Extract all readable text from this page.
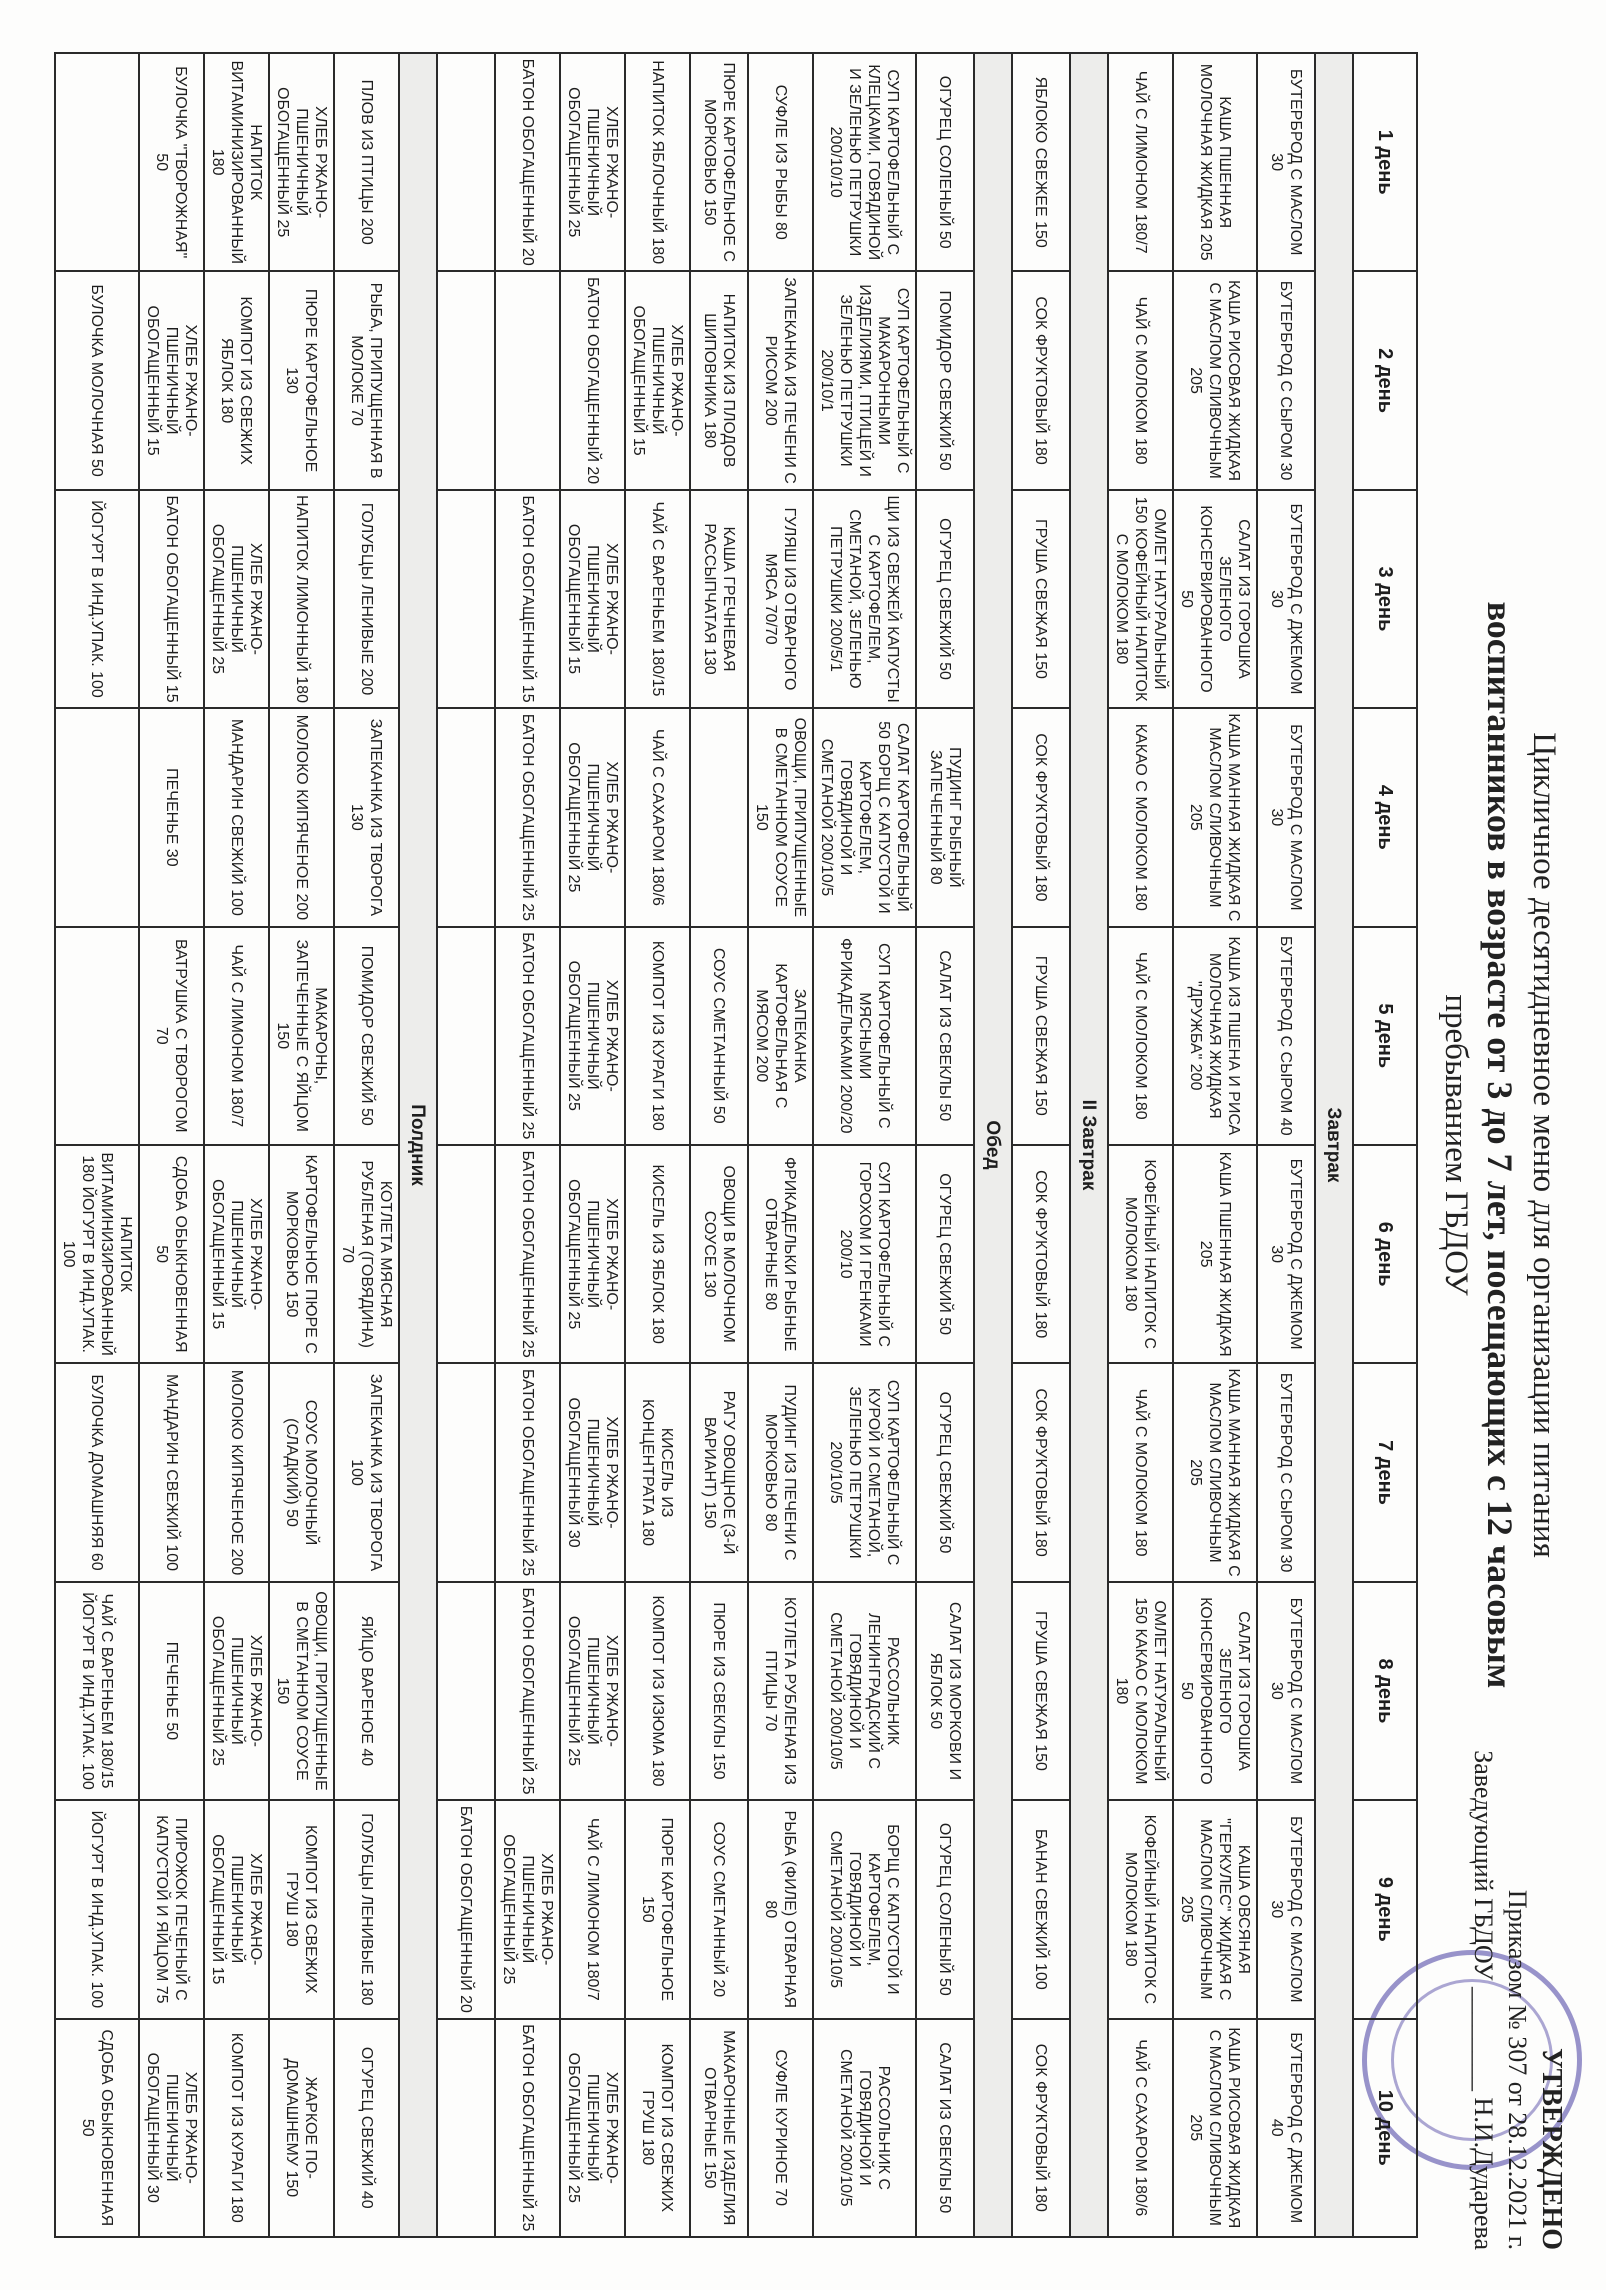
Цикличное десятидневное меню для организации питания
воспитанников в возрасте от 3 до 7 лет, посещающих с 12 часовым
пребыванием ГБДОУ
УТВЕРЖДЕНО
Приказом № 307 от 28.12.2021 г.
Заведующий ГБДОУ ________ Н.И.Дударева
1 день	2 день	3 день	4 день	5 день	6 день	7 день	8 день	9 день	10 день
Завтрак									
БУТЕРБРОД С МАСЛОМ 30	БУТЕРБРОД С СЫРОМ 30	БУТЕРБРОД С ДЖЕМОМ 30	БУТЕРБРОД С МАСЛОМ 30	БУТЕРБРОД С СЫРОМ 40	БУТЕРБРОД С ДЖЕМОМ 30	БУТЕРБРОД С СЫРОМ 30	БУТЕРБРОД С МАСЛОМ 30	БУТЕРБРОД С МАСЛОМ 30	БУТЕРБРОД С ДЖЕМОМ 40
КАША ПШЕННАЯ МОЛОЧНАЯ ЖИДКАЯ 205	КАША РИСОВАЯ ЖИДКАЯ С МАСЛОМ СЛИВОЧНЫМ 205	САЛАТ ИЗ ГОРОШКА ЗЕЛЕНОГО КОНСЕРВИРОВАННОГО 50	КАША МАННАЯ ЖИДКАЯ С МАСЛОМ СЛИВОЧНЫМ 205	КАША ИЗ ПШЕНА И РИСА МОЛОЧНАЯ ЖИДКАЯ "ДРУЖБА" 200	КАША ПШЕННАЯ ЖИДКАЯ 205	КАША МАННАЯ ЖИДКАЯ С МАСЛОМ СЛИВОЧНЫМ 205	САЛАТ ИЗ ГОРОШКА ЗЕЛЕНОГО КОНСЕРВИРОВАННОГО 50	КАША ОВСЯНАЯ "ГЕРКУЛЕС" ЖИДКАЯ С МАСЛОМ СЛИВОЧНЫМ 205	КАША РИСОВАЯ ЖИДКАЯ С МАСЛОМ СЛИВОЧНЫМ 205
ЧАЙ С ЛИМОНОМ 180/7	ЧАЙ С МОЛОКОМ 180	ОМЛЕТ НАТУРАЛЬНЫЙ 150 КОФЕЙНЫЙ НАПИТОК С МОЛОКОМ 180	КАКАО С МОЛОКОМ 180	ЧАЙ С МОЛОКОМ 180	КОФЕЙНЫЙ НАПИТОК С МОЛОКОМ 180	ЧАЙ С МОЛОКОМ 180	ОМЛЕТ НАТУРАЛЬНЫЙ 150 КАКАО С МОЛОКОМ 180	КОФЕЙНЫЙ НАПИТОК С МОЛОКОМ 180	ЧАЙ С САХАРОМ 180/6
II Завтрак									
ЯБЛОКО СВЕЖЕЕ 150	СОК ФРУКТОВЫЙ 180	ГРУША СВЕЖАЯ 150	СОК ФРУКТОВЫЙ 180	ГРУША СВЕЖАЯ 150	СОК ФРУКТОВЫЙ 180	СОК ФРУКТОВЫЙ 180	ГРУША СВЕЖАЯ 150	БАНАН СВЕЖИЙ 100	СОК ФРУКТОВЫЙ 180
Обед									
ОГУРЕЦ СОЛЕНЫЙ 50	ПОМИДОР СВЕЖИЙ 50	ОГУРЕЦ СВЕЖИЙ 50	ПУДИНГ РЫБНЫЙ ЗАПЕЧЕННЫЙ 80	САЛАТ ИЗ СВЕКЛЫ 50	ОГУРЕЦ СВЕЖИЙ 50	ОГУРЕЦ СВЕЖИЙ 50	САЛАТ ИЗ МОРКОВИ И ЯБЛОК 50	ОГУРЕЦ СОЛЕНЫЙ 50	САЛАТ ИЗ СВЕКЛЫ 50
СУП КАРТОФЕЛЬНЫЙ С КЛЕЦКАМИ, ГОВЯДИНОЙ И ЗЕЛЕНЬЮ ПЕТРУШКИ 200/10/10	СУП КАРТОФЕЛЬНЫЙ С МАКАРОННЫМИ ИЗДЕЛИЯМИ, ПТИЦЕЙ И ЗЕЛЕНЬЮ ПЕТРУШКИ 200/10/1	ЩИ ИЗ СВЕЖЕЙ КАПУСТЫ С КАРТОФЕЛЕМ, СМЕТАНОЙ, ЗЕЛЕНЬЮ ПЕТРУШКИ 200/5/1	САЛАТ КАРТОФЕЛЬНЫЙ 50 БОРЩ С КАПУСТОЙ И КАРТОФЕЛЕМ, ГОВЯДИНОЙ И СМЕТАНОЙ 200/10/5	СУП КАРТОФЕЛЬНЫЙ С МЯСНЫМИ ФРИКАДЕЛЬКАМИ 200/20	СУП КАРТОФЕЛЬНЫЙ С ГОРОХОМ И ГРЕНКАМИ 200/10	СУП КАРТОФЕЛЬНЫЙ С КУРОЙ И СМЕТАНОЙ, ЗЕЛЕНЬЮ ПЕТРУШКИ 200/10/5	РАССОЛЬНИК ЛЕНИНГРАДСКИЙ С ГОВЯДИНОЙ И СМЕТАНОЙ 200/10/5	БОРЩ С КАПУСТОЙ И КАРТОФЕЛЕМ, ГОВЯДИНОЙ И СМЕТАНОЙ 200/10/5	РАССОЛЬНИК С ГОВЯДИНОЙ И СМЕТАНОЙ 200/10/5
СУФЛЕ ИЗ РЫБЫ 80	ЗАПЕКАНКА ИЗ ПЕЧЕНИ С РИСОМ 200	ГУЛЯШ ИЗ ОТВАРНОГО МЯСА 70/70	ОВОЩИ, ПРИПУЩЕННЫЕ В СМЕТАННОМ СОУСЕ 150	ЗАПЕКАНКА КАРТОФЕЛЬНАЯ С МЯСОМ 200	ФРИКАДЕЛЬКИ РЫБНЫЕ ОТВАРНЫЕ 80	ПУДИНГ ИЗ ПЕЧЕНИ С МОРКОВЬЮ 80	КОТЛЕТА РУБЛЕНАЯ ИЗ ПТИЦЫ 70	РЫБА (ФИЛЕ) ОТВАРНАЯ 80	СУФЛЕ КУРИНОЕ 70
ПЮРЕ КАРТОФЕЛЬНОЕ С МОРКОВЬЮ 150	НАПИТОК ИЗ ПЛОДОВ ШИПОВНИКА 180	КАША ГРЕЧНЕВАЯ РАССЫПЧАТАЯ 130		СОУС СМЕТАННЫЙ 50	ОВОЩИ В МОЛОЧНОМ СОУСЕ 130	РАГУ ОВОЩНОЕ (3-Й ВАРИАНТ) 150	ПЮРЕ ИЗ СВЕКЛЫ 150	СОУС СМЕТАННЫЙ 20	МАКАРОННЫЕ ИЗДЕЛИЯ ОТВАРНЫЕ 150
НАПИТОК ЯБЛОЧНЫЙ 180	ХЛЕБ РЖАНО-ПШЕНИЧНЫЙ ОБОГАЩЕННЫЙ 15	ЧАЙ С ВАРЕНЬЕМ 180/15	ЧАЙ С САХАРОМ 180/6	КОМПОТ ИЗ КУРАГИ 180	КИСЕЛЬ ИЗ ЯБЛОК 180	КИСЕЛЬ ИЗ КОНЦЕНТРАТА 180	КОМПОТ ИЗ ИЗЮМА 180	ПЮРЕ КАРТОФЕЛЬНОЕ 150	КОМПОТ ИЗ СВЕЖИХ ГРУШ 180
ХЛЕБ РЖАНО-ПШЕНИЧНЫЙ ОБОГАЩЕННЫЙ 25	БАТОН ОБОГАЩЕННЫЙ 20	ХЛЕБ РЖАНО-ПШЕНИЧНЫЙ ОБОГАЩЕННЫЙ 15	ХЛЕБ РЖАНО-ПШЕНИЧНЫЙ ОБОГАЩЕННЫЙ 25	ХЛЕБ РЖАНО-ПШЕНИЧНЫЙ ОБОГАЩЕННЫЙ 25	ХЛЕБ РЖАНО-ПШЕНИЧНЫЙ ОБОГАЩЕННЫЙ 25	ХЛЕБ РЖАНО-ПШЕНИЧНЫЙ ОБОГАЩЕННЫЙ 30	ХЛЕБ РЖАНО-ПШЕНИЧНЫЙ ОБОГАЩЕННЫЙ 25	ЧАЙ С ЛИМОНОМ 180/7	ХЛЕБ РЖАНО-ПШЕНИЧНЫЙ ОБОГАЩЕННЫЙ 25
БАТОН ОБОГАЩЕННЫЙ 20		БАТОН ОБОГАЩЕННЫЙ 15	БАТОН ОБОГАЩЕННЫЙ 25	БАТОН ОБОГАЩЕННЫЙ 25	БАТОН ОБОГАЩЕННЫЙ 25	БАТОН ОБОГАЩЕННЫЙ 25	БАТОН ОБОГАЩЕННЫЙ 25	ХЛЕБ РЖАНО-ПШЕНИЧНЫЙ ОБОГАЩЕННЫЙ 25	БАТОН ОБОГАЩЕННЫЙ 25
								БАТОН ОБОГАЩЕННЫЙ 20	
Полдник									
ПЛОВ ИЗ ПТИЦЫ 200	РЫБА, ПРИПУЩЕННАЯ В МОЛОКЕ 70	ГОЛУБЦЫ ЛЕНИВЫЕ 200	ЗАПЕКАНКА ИЗ ТВОРОГА 130	ПОМИДОР СВЕЖИЙ 50	КОТЛЕТА МЯСНАЯ РУБЛЕНАЯ (ГОВЯДИНА) 70	ЗАПЕКАНКА ИЗ ТВОРОГА 100	ЯЙЦО ВАРЕНОЕ 40	ГОЛУБЦЫ ЛЕНИВЫЕ 180	ОГУРЕЦ СВЕЖИЙ 40
ХЛЕБ РЖАНО-ПШЕНИЧНЫЙ ОБОГАЩЕННЫЙ 25	ПЮРЕ КАРТОФЕЛЬНОЕ 130	НАПИТОК ЛИМОННЫЙ 180	МОЛОКО КИПЯЧЕНОЕ 200	МАКАРОНЫ, ЗАПЕЧЕННЫЕ С ЯЙЦОМ 150	КАРТОФЕЛЬНОЕ ПЮРЕ С МОРКОВЬЮ 150	СОУС МОЛОЧНЫЙ (СЛАДКИЙ) 50	ОВОЩИ, ПРИПУЩЕННЫЕ В СМЕТАННОМ СОУСЕ 150	КОМПОТ ИЗ СВЕЖИХ ГРУШ 180	ЖАРКОЕ ПО-ДОМАШНЕМУ 150
НАПИТОК ВИТАМИНИЗИРОВАННЫЙ 180	КОМПОТ ИЗ СВЕЖИХ ЯБЛОК 180	ХЛЕБ РЖАНО-ПШЕНИЧНЫЙ ОБОГАЩЕННЫЙ 25	МАНДАРИН СВЕЖИЙ 100	ЧАЙ С ЛИМОНОМ 180/7	ХЛЕБ РЖАНО-ПШЕНИЧНЫЙ ОБОГАЩЕННЫЙ 15	МОЛОКО КИПЯЧЕНОЕ 200	ХЛЕБ РЖАНО-ПШЕНИЧНЫЙ ОБОГАЩЕННЫЙ 25	ХЛЕБ РЖАНО-ПШЕНИЧНЫЙ ОБОГАЩЕННЫЙ 15	КОМПОТ ИЗ КУРАГИ 180
БУЛОЧКА "ТВОРОЖНАЯ" 50	ХЛЕБ РЖАНО-ПШЕНИЧНЫЙ ОБОГАЩЕННЫЙ 15	БАТОН ОБОГАЩЕННЫЙ 15	ПЕЧЕНЬЕ 30	ВАТРУШКА С ТВОРОГОМ 70	СДОБА ОБЫКНОВЕННАЯ 50	МАНДАРИН СВЕЖИЙ 100	ПЕЧЕНЬЕ 50	ПИРОЖОК ПЕЧЕНЫЙ С КАПУСТОЙ И ЯЙЦОМ 75	ХЛЕБ РЖАНО-ПШЕНИЧНЫЙ ОБОГАЩЕННЫЙ 30
	БУЛОЧКА МОЛОЧНАЯ 50	ЙОГУРТ В ИНД.УПАК. 100			НАПИТОК ВИТАМИНИЗИРОВАННЫЙ 180 ЙОГУРТ В ИНД.УПАК. 100	БУЛОЧКА ДОМАШНЯЯ 60	ЧАЙ С ВАРЕНЬЕМ 180/15 ЙОГУРТ В ИНД.УПАК. 100	ЙОГУРТ В ИНД.УПАК. 100	СДОБА ОБЫКНОВЕННАЯ 50
